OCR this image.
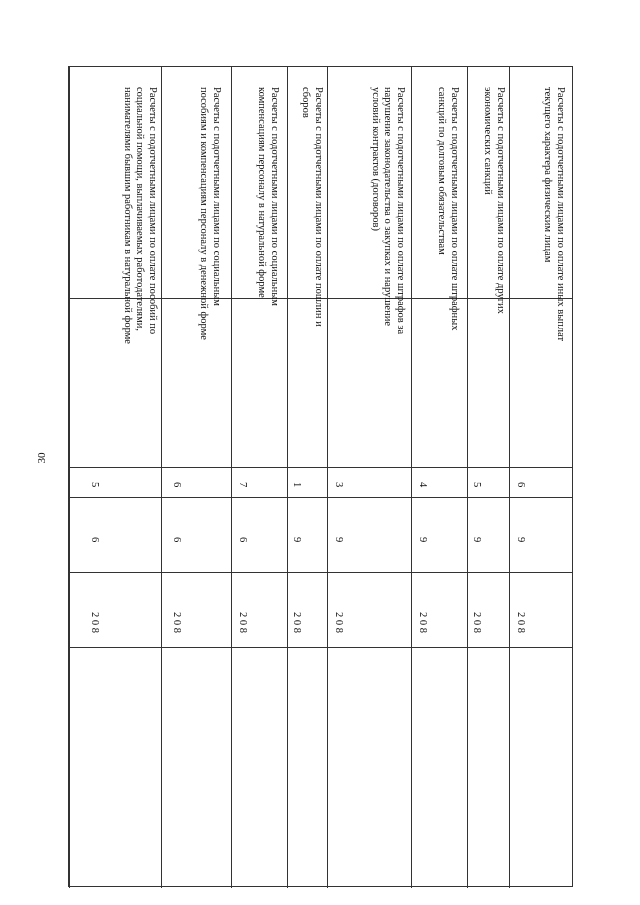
30
2 0 8
6
5
Расчеты с подотчетными лицами по оплате пособий по социальной помощи, выплачиваемых работодателями, нанимателями бывшим работникам в натуральной форме
2 0 8
6
6
Расчеты с подотчетными лицами по социальным пособиям и компенсациям персоналу в денежной форме
2 0 8
6
7
Расчеты с подотчетными лицами по социальным компенсациям персоналу в натуральной форме
2 0 8
9
1
Расчеты с подотчетными лицами по оплате пошлин и сборов
2 0 8
9
3
Расчеты с подотчетными лицами по оплате штрафов за нарушение законодательства о закупках и нарушение условий контрактов (договоров)
2 0 8
9
4
Расчеты с подотчетными лицами по оплате штрафных санкций по долговым обязательствам
2 0 8
9
5
Расчеты с подотчетными лицами по оплате других экономических санкций
2 0 8
9
6
Расчеты с подотчетными лицами по оплате иных выплат текущего характера физическим лицам
